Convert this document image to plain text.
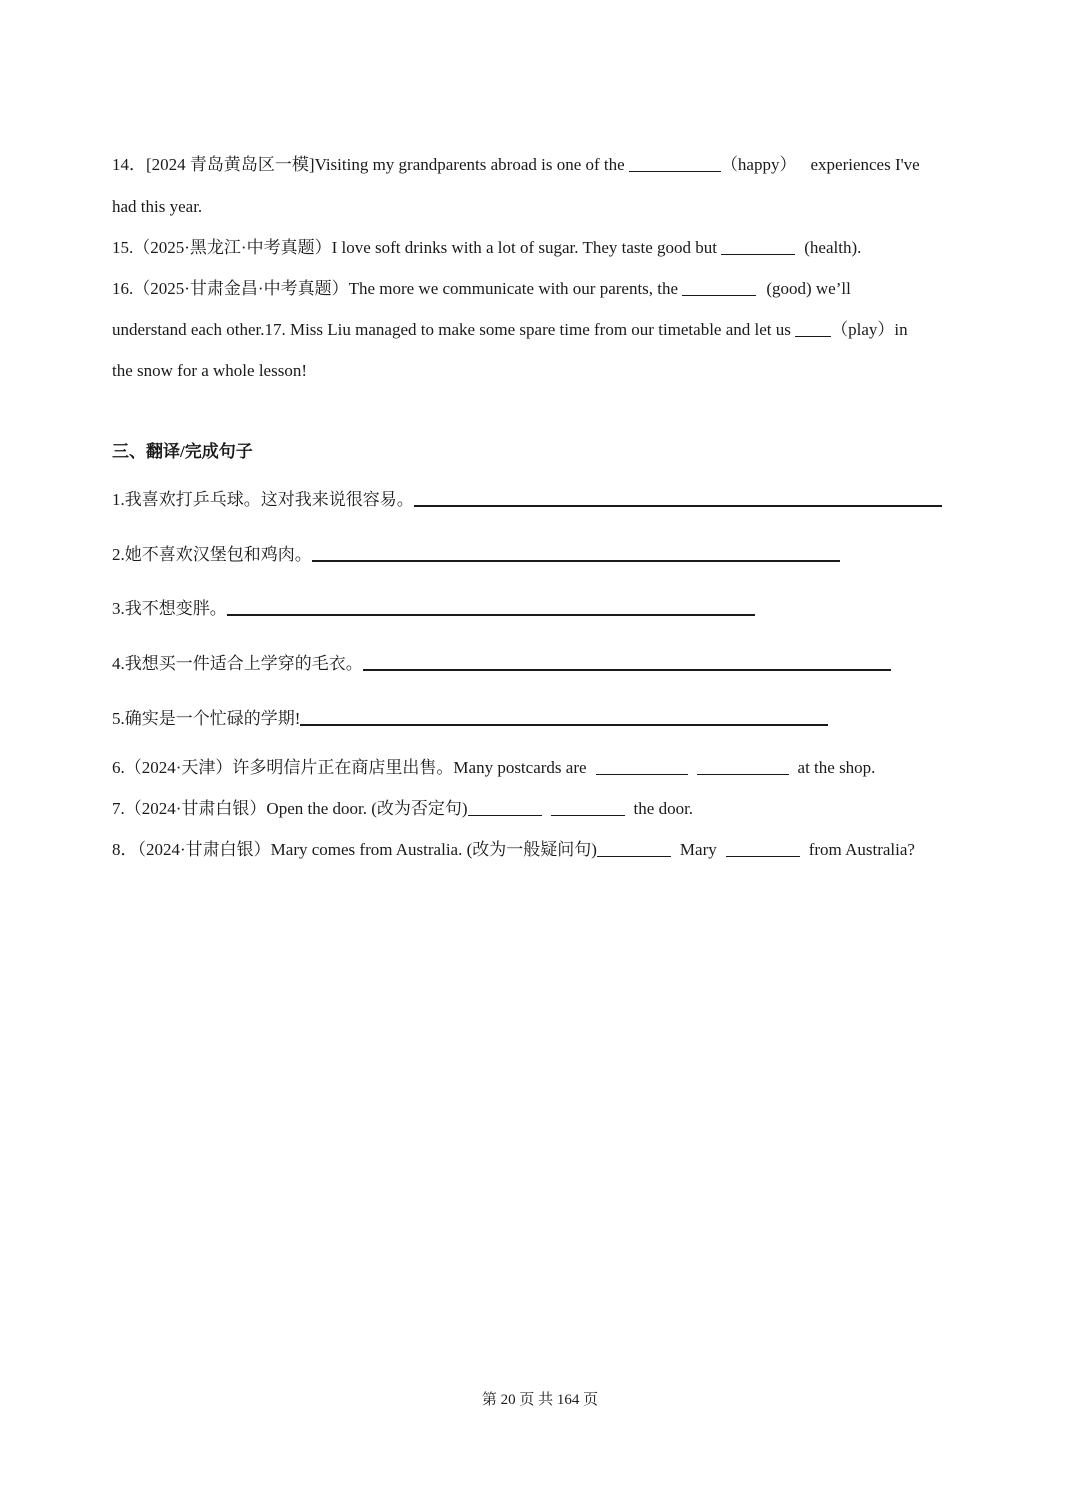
14．[2024 青岛黄岛区一模]Visiting my grandparents abroad is one of the	（happy） experiences I've
had this year.
15.（2025·黑龙江·中考真题）I love soft drinks with a lot of sugar. They taste good but	(health).
16.（2025·甘肃金昌·中考真题）The more we communicate with our parents, the	(good) we’ll
understand each other.17. Miss Liu managed to make some spare time from our timetable and let us （play）in
the snow for a whole lesson!
三、翻译/完成句子
1.我喜欢打乒乓球。这对我来说很容易。
2.她不喜欢汉堡包和鸡肉。
3.我不想变胖。
4.我想买一件适合上学穿的毛衣。
5.确实是一个忙碌的学期!
6.（2024·天津）许多明信片正在商店里出售。Many postcards are	at the shop.
7.（2024·甘肃白银）Open the door. (改为否定句)	the door.
8．（2024·甘肃白银）Mary comes from Australia. (改为一般疑问句)	Mary	from Australia?
第 20 页 共 164 页
